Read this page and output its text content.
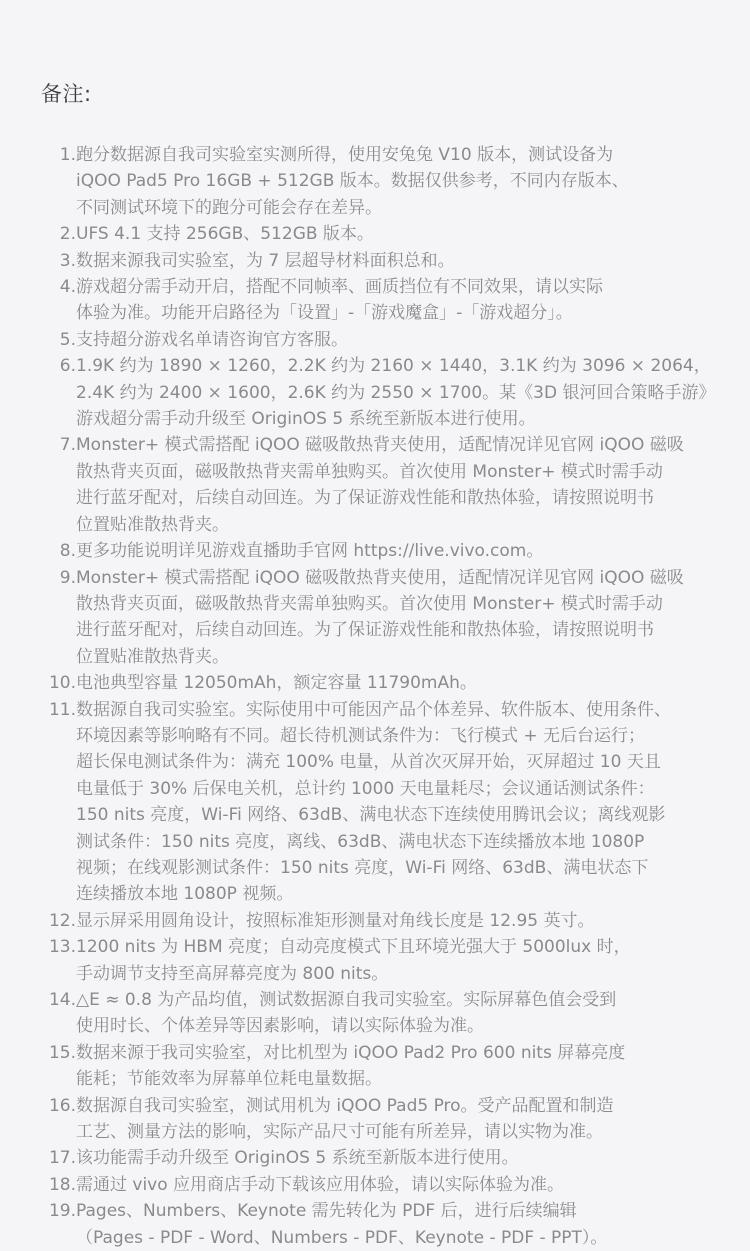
备注:
1. 跑分数据源自我司实验室实测所得，使用安兔兔 V10 版本，测试设备为
iQOO Pad5 Pro 16GB + 512GB 版本。数据仅供参考，不同内存版本、
不同测试环境下的跑分可能会存在差异。
2. UFS 4.1 支持 256GB、512GB 版本。
3. 数据来源我司实验室，为 7 层超导材料面积总和。
4. 游戏超分需手动开启，搭配不同帧率、画质挡位有不同效果，请以实际
体验为准。功能开启路径为「设置」-「游戏魔盒」-「游戏超分」。
5. 支持超分游戏名单请咨询官方客服。
6. 1.9K 约为 1890 × 1260，2.2K 约为 2160 × 1440，3.1K 约为 3096 × 2064，
2.4K 约为 2400 × 1600，2.6K 约为 2550 × 1700。某《3D 银河回合策略手游》
游戏超分需手动升级至 OriginOS 5 系统至新版本进行使用。
7. Monster+ 模式需搭配 iQOO 磁吸散热背夹使用，适配情况详见官网 iQOO 磁吸
散热背夹页面，磁吸散热背夹需单独购买。首次使用 Monster+ 模式时需手动
进行蓝牙配对，后续自动回连。为了保证游戏性能和散热体验，请按照说明书
位置贴准散热背夹。
8. 更多功能说明详见游戏直播助手官网 https://live.vivo.com。
9. Monster+ 模式需搭配 iQOO 磁吸散热背夹使用，适配情况详见官网 iQOO 磁吸
散热背夹页面，磁吸散热背夹需单独购买。首次使用 Monster+ 模式时需手动
进行蓝牙配对，后续自动回连。为了保证游戏性能和散热体验，请按照说明书
位置贴准散热背夹。
10. 电池典型容量 12050mAh，额定容量 11790mAh。
11. 数据源自我司实验室。实际使用中可能因产品个体差异、软件版本、使用条件、
环境因素等影响略有不同。超长待机测试条件为：飞行模式 + 无后台运行；
超长保电测试条件为：满充 100% 电量，从首次灭屏开始，灭屏超过 10 天且
电量低于 30% 后保电关机，总计约 1000 天电量耗尽；会议通话测试条件：
150 nits 亮度，Wi-Fi 网络、63dB、满电状态下连续使用腾讯会议；离线观影
测试条件：150 nits 亮度，离线、63dB、满电状态下连续播放本地 1080P
视频；在线观影测试条件：150 nits 亮度，Wi-Fi 网络、63dB、满电状态下
连续播放本地 1080P 视频。
12. 显示屏采用圆角设计，按照标准矩形测量对角线长度是 12.95 英寸。
13. 1200 nits 为 HBM 亮度；自动亮度模式下且环境光强大于 5000lux 时，
手动调节支持至高屏幕亮度为 800 nits。
14. △E ≈ 0.8 为产品均值，测试数据源自我司实验室。实际屏幕色值会受到
使用时长、个体差异等因素影响，请以实际体验为准。
15. 数据来源于我司实验室，对比机型为 iQOO Pad2 Pro 600 nits 屏幕亮度
能耗；节能效率为屏幕单位耗电量数据。
16. 数据源自我司实验室，测试用机为 iQOO Pad5 Pro。受产品配置和制造
工艺、测量方法的影响，实际产品尺寸可能有所差异，请以实物为准。
17. 该功能需手动升级至 OriginOS 5 系统至新版本进行使用。
18. 需通过 vivo 应用商店手动下载该应用体验，请以实际体验为准。
19. Pages、Numbers、Keynote 需先转化为 PDF 后，进行后续编辑
（Pages - PDF - Word、Numbers - PDF、Keynote - PDF - PPT）。
